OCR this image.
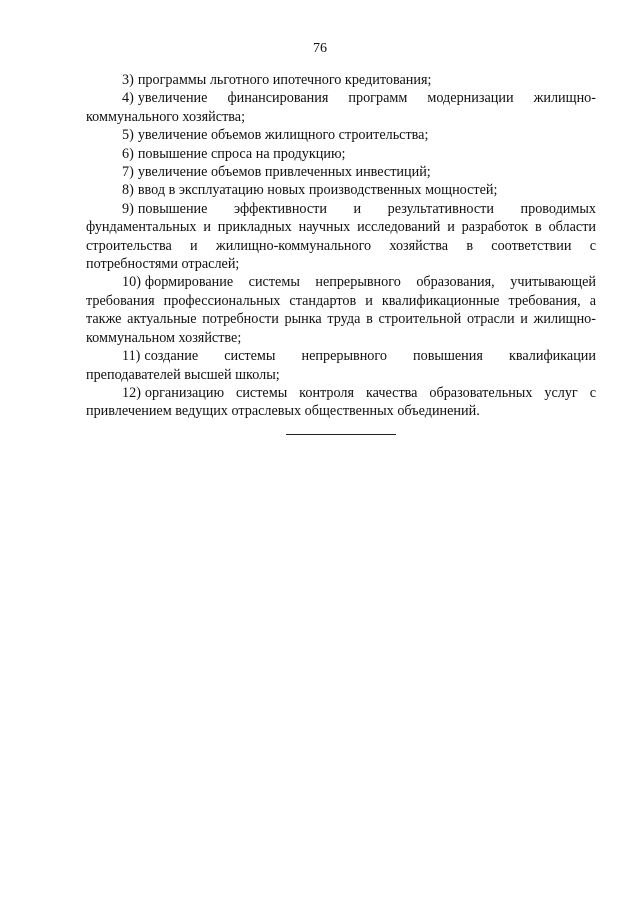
76

3) программы льготного ипотечного кредитования;

4) увеличение финансирования программ модернизации жилищно-коммунального хозяйства;

5) увеличение объемов жилищного строительства;

6) повышение спроса на продукцию;

7) увеличение объемов привлеченных инвестиций;

8) ввод в эксплуатацию новых производственных мощностей;

9) повышение эффективности и результативности проводимых фундаментальных и прикладных научных исследований и разработок в области строительства и жилищно-коммунального хозяйства в соответствии с потребностями отраслей;

10) формирование системы непрерывного образования, учитывающей требования профессиональных стандартов и квалификационные требования, а также актуальные потребности рынка труда в строительной отрасли и жилищно-коммунальном хозяйстве;

11) создание системы непрерывного повышения квалификации преподавателей высшей школы;

12) организацию системы контроля качества образовательных услуг с привлечением ведущих отраслевых общественных объединений.
